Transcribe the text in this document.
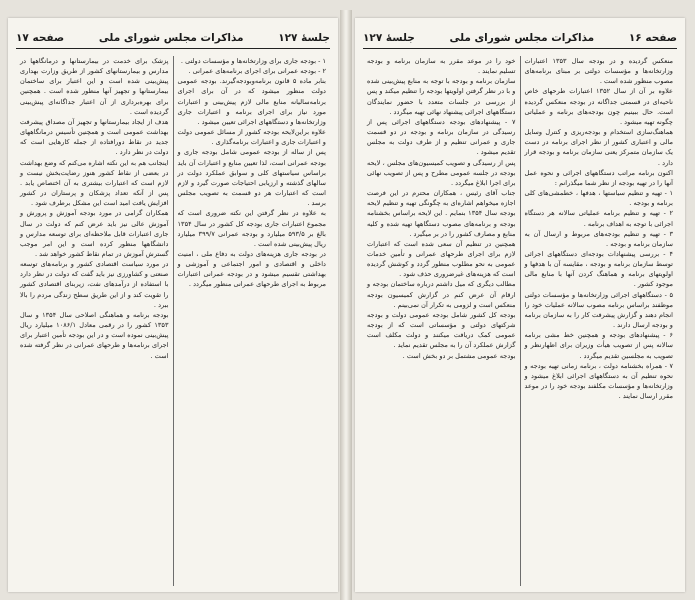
جلسهٔ ۱۲۷
مذاکرات مجلس شورای ملی
صفحه ۱۷

۱ - بودجه جاری برای وزارتخانه‌ها و مؤسسات دولتی .
۲ - بودجه عمرانی برای اجرای برنامه‌های عمرانی .
بنابر ماده ۵ قانون برنامه‌وبودجه‌گیرند. بودجه عمومی دولت منظور میشود که در آن برای اجرای برنامه‌سالیانه منابع مالی لازم پیش‌بینی و اعتبارات مورد نیاز برای اجرای برنامه و اعتبارات جاری وزارتخانه‌ها و دستگاههای اجرائی تعیین میشود .
علاوه براین‌لایحه بودجه کشور از مسائل عمومی دولت و اعتبارات جاری و اعتبارات برنامه‌گذاری .
پس از ساله از بودجه عمومی شامل بودجه جاری و بودجه عمرانی است، لذا تعیین منابع و اعتبارات آن باید براساس سیاستهای کلی و سوابق عملکرد دولت در سالهای گذشته و ارزیابی احتیاجات صورت گیرد و لازم است که اعتبارات هر دو قسمت به تصویب مجلس برسد .
به علاوه در نظر گرفتن این نکته ضروری است که مجموع اعتبارات جاری بودجه کل کشور در سال ۱۳۵۴ بالغ بر ۵۹۳/۵ میلیارد و بودجه عمرانی ۳۹۹/۷ میلیارد ریال پیش‌بینی شده است .
در بودجه جاری هزینه‌های دولت به دفاع ملی ، امنیت داخلی و اقتصادی و امور اجتماعی و آموزشی و بهداشتی تقسیم میشود و در بودجه عمرانی اعتبارات مربوط به اجرای طرحهای عمرانی منظور میگردد .

پزشک برای خدمت در بیمارستانها و درمانگاهها در مدارس و بیمارستانهای کشور از طریق وزارت بهداری پیش‌بینی شده است و این اعتبار برای ساختمان بیمارستانها و تجهیز آنها منظور شده است . همچنین برای بهره‌برداری از آن اعتبار جداگانه‌ای پیش‌بینی گردیده است .
هدف از ایجاد بیمارستانها و تجهیز آن مصداق پیشرفت بهداشت عمومی است و همچنین تأسیس درمانگاههای جدید در نقاط دورافتاده از جمله کارهایی است که دولت در نظر دارد .
اینجانب هم به این نکته اشاره می‌کنم که وضع بهداشت در بعضی از نقاط کشور هنوز رضایت‌بخش نیست و لازم است که اعتبارات بیشتری به آن اختصاص یابد . پس از آنکه تعداد پزشکان و پرستاران در کشور افزایش یافت امید است این مشکل برطرف شود .
همکاران گرامی در مورد بودجه آموزش و پرورش و آموزش عالی نیز باید عرض کنم که دولت در سال جاری اعتبارات قابل ملاحظه‌ای برای توسعه مدارس و دانشگاهها منظور کرده است و این امر موجب گسترش آموزش در تمام نقاط کشور خواهد شد .
در مورد سیاست اقتصادی کشور و برنامه‌های توسعه صنعتی و کشاورزی نیز باید گفت که دولت در نظر دارد با استفاده از درآمدهای نفت، زیربنای اقتصادی کشور را تقویت کند و از این طریق سطح زندگی مردم را بالا ببرد .
بودجه برنامه و هماهنگی اصلاحی سال ۱۳۵۴ و سال ۱۳۵۳ کشور را در رقمی معادل ۱۰۸۶/۱ میلیارد ریال پیش‌بینی نموده است و در این بودجه تأمین اعتبار برای اجرای برنامه‌ها و طرحهای عمرانی در نظر گرفته شده است .

صفحه ۱۶
مذاکرات مجلس شورای ملی
جلسهٔ ۱۲۷

منعکس گردیده و در بودجه سال ۱۳۵۳ اعتبارات وزارتخانه‌ها و مؤسسات دولتی بر مبنای برنامه‌های مصوب منظور شده است .
علاوه بر آن از سال ۱۳۵۲ اعتبارات طرحهای خاص ناحیه‌ای در قسمتی جداگانه در بودجه منعکس گردیده است. حال ببینیم چون بودجه‌های برنامه و عملیاتی چگونه تهیه میشود .
هماهنگ‌سازی استخدام و بودجه‌ریزی و کنترل وسایل مالی و اعتباری کشور از نظر اجرای برنامه در دست یک سازمان متمرکز یعنی سازمان برنامه و بودجه قرار دارد .
اکنون برنامه مراتب دستگاههای اجرائی و نحوه عمل آنها را در تهیه بودجه از نظر شما میگذرانم :
۱ - تهیه و تنظیم سیاستها ، هدفها ، خطمشی‌های کلی برنامه و بودجه .
۲ - تهیه و تنظیم برنامه عملیاتی سالانه هر دستگاه اجرائی با توجه به اهداف برنامه .
۳ - تهیه و تنظیم بودجه‌های مربوط و ارسال آن به سازمان برنامه و بودجه .
۴ - بررسی پیشنهادات بودجه‌ای دستگاههای اجرائی توسط سازمان برنامه و بودجه ، مقایسه آن با هدفها و اولویتهای برنامه و هماهنگ کردن آنها با منابع مالی موجود کشور .
۵ - دستگاههای اجرائی وزارتخانه‌ها و مؤسسات دولتی موظفند براساس برنامه مصوب سالانه عملیات خود را انجام دهند و گزارش پیشرفت کار را به سازمان برنامه و بودجه ارسال دارند .
۶ - پیشنهادهای بودجه و همچنین خط مشی برنامه سالانه پس از تصویب هیأت وزیران برای اظهارنظر و تصویب به مجلسین تقدیم میگردد .
۷ - همراه بخشنامه دولت ، برنامه زمانی تهیه بودجه و نحوه تنظیم آن به دستگاههای اجرائی ابلاغ میشود و وزارتخانه‌ها و مؤسسات مکلفند بودجه خود را در موعد مقرر ارسال نمایند .

خود را در موعد مقرر به سازمان برنامه و بودجه تسلیم نمایند .
سازمان برنامه و بودجه با توجه به منابع پیش‌بینی شده و با در نظر گرفتن اولویتها بودجه را تنظیم میکند و پس از بررسی در جلسات متعدد با حضور نمایندگان دستگاههای اجرائی پیشنهاد نهائی تهیه میگردد .
۷ - پیشنهادهای بودجه دستگاههای اجرائی پس از رسیدگی در سازمان برنامه و بودجه در دو قسمت جاری و عمرانی تنظیم و از طرف دولت به مجلس تقدیم میشود .
پس از رسیدگی و تصویب کمیسیون‌های مجلس ، لایحه بودجه در جلسه عمومی مطرح و پس از تصویب نهائی برای اجرا ابلاغ میگردد .
جناب آقای رئیس ، همکاران محترم در این فرصت اجازه میخواهم اشاره‌ای به چگونگی تهیه و تنظیم لایحه بودجه سال ۱۳۵۴ بنمایم . این لایحه براساس بخشنامه بودجه و برنامه‌های مصوب دستگاهها تهیه شده و کلیه منابع و مصارف کشور را در بر میگیرد .
همچنین در تنظیم آن سعی شده است که اعتبارات لازم برای اجرای طرحهای عمرانی و تأمین خدمات عمومی به نحو مطلوب منظور گردد و کوشش گردیده است که هزینه‌های غیرضروری حذف شود .
مطالب دیگری که میل داشتم درباره ساختمان بودجه و ارقام آن عرض کنم در گزارش کمیسیون بودجه منعکس است و لزومی به تکرار آن نمی‌بینم .
بودجه کل کشور شامل بودجه عمومی دولت و بودجه شرکتهای دولتی و مؤسساتی است که از بودجه عمومی کمک دریافت میکنند و دولت مکلف است گزارش عملکرد آن را به مجلس تقدیم نماید .
بودجه عمومی مشتمل بر دو بخش است .
